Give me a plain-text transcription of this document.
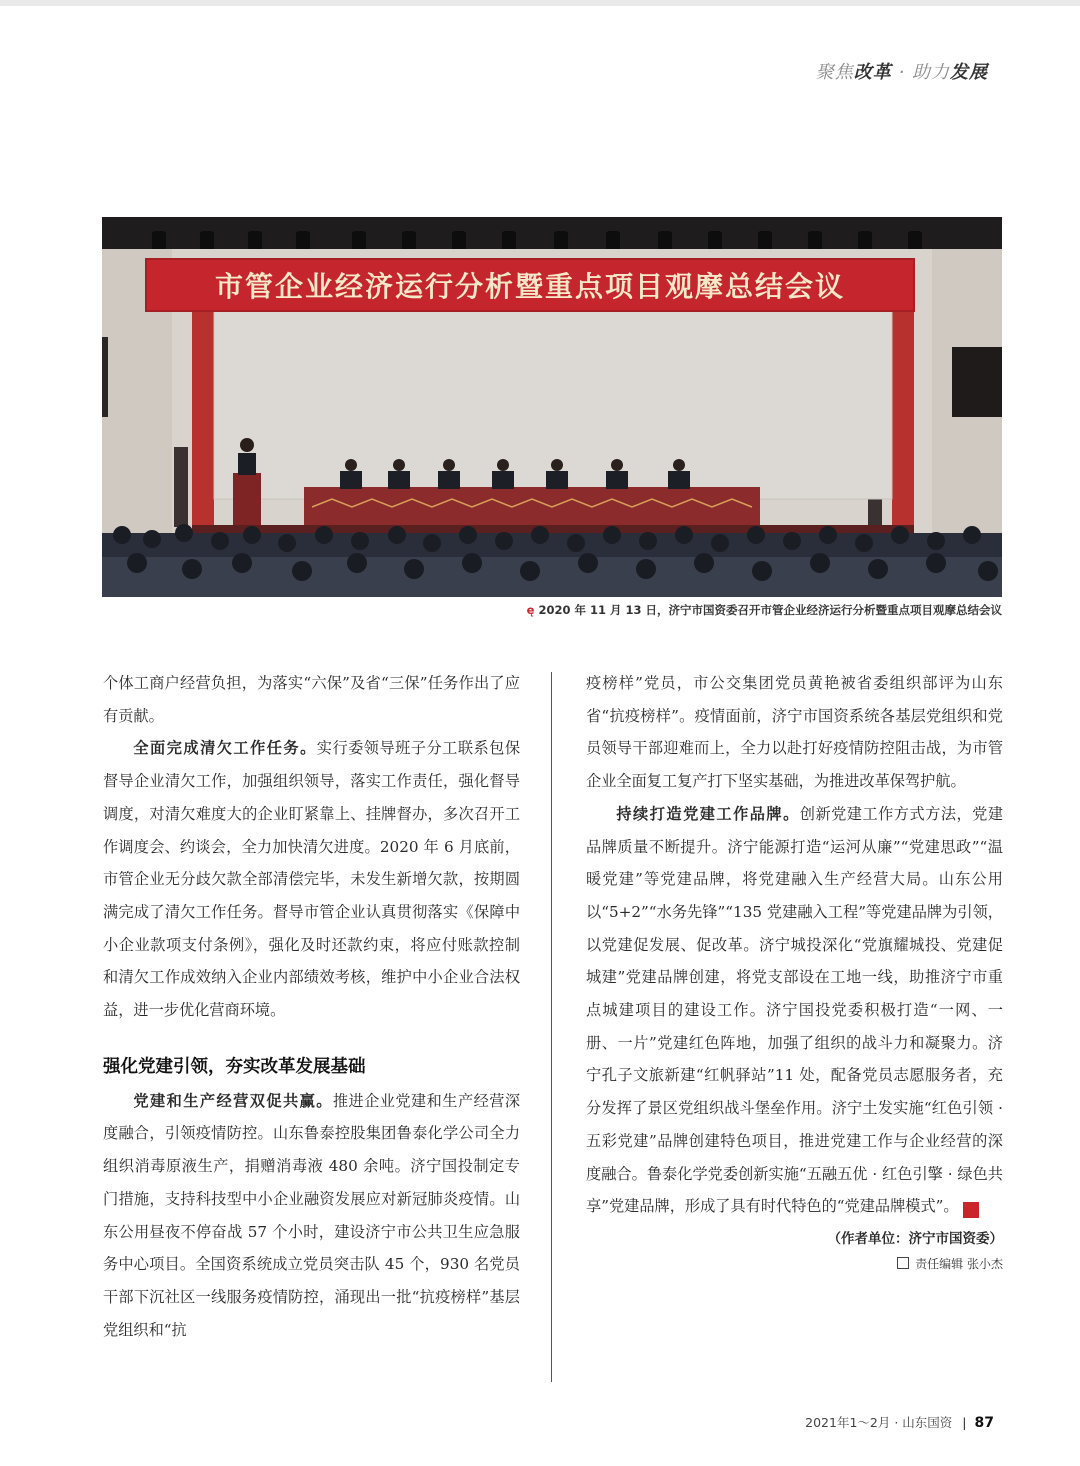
聚焦改革 · 助力发展
市管企业经济运行分析暨重点项目观摩总结会议
ę 2020 年 11 月 13 日，济宁市国资委召开市管企业经济运行分析暨重点项目观摩总结会议

个体工商户经营负担，为落实“六保”及省“三保”任务作出了应有贡献。

全面完成清欠工作任务。实行委领导班子分工联系包保督导企业清欠工作，加强组织领导，落实工作责任，强化督导调度，对清欠难度大的企业盯紧靠上、挂牌督办，多次召开工作调度会、约谈会，全力加快清欠进度。2020 年 6 月底前，市管企业无分歧欠款全部清偿完毕，未发生新增欠款，按期圆满完成了清欠工作任务。督导市管企业认真贯彻落实《保障中小企业款项支付条例》，强化及时还款约束，将应付账款控制和清欠工作成效纳入企业内部绩效考核，维护中小企业合法权益，进一步优化营商环境。

强化党建引领，夯实改革发展基础

党建和生产经营双促共赢。推进企业党建和生产经营深度融合，引领疫情防控。山东鲁泰控股集团鲁泰化学公司全力组织消毒原液生产，捐赠消毒液 480 余吨。济宁国投制定专门措施，支持科技型中小企业融资发展应对新冠肺炎疫情。山东公用昼夜不停奋战 57 个小时，建设济宁市公共卫生应急服务中心项目。全国资系统成立党员突击队 45 个，930 名党员干部下沉社区一线服务疫情防控，涌现出一批“抗疫榜样”基层党组织和“抗

疫榜样”党员，市公交集团党员黄艳被省委组织部评为山东省“抗疫榜样”。疫情面前，济宁市国资系统各基层党组织和党员领导干部迎难而上，全力以赴打好疫情防控阻击战，为市管企业全面复工复产打下坚实基础，为推进改革保驾护航。

持续打造党建工作品牌。创新党建工作方式方法，党建品牌质量不断提升。济宁能源打造“运河从廉”“党建思政”“温暖党建”等党建品牌，将党建融入生产经营大局。山东公用以“5+2”“水务先锋”“135 党建融入工程”等党建品牌为引领，以党建促发展、促改革。济宁城投深化“党旗耀城投、党建促城建”党建品牌创建，将党支部设在工地一线，助推济宁市重点城建项目的建设工作。济宁国投党委积极打造“一网、一册、一片”党建红色阵地，加强了组织的战斗力和凝聚力。济宁孔子文旅新建“红帆驿站”11 处，配备党员志愿服务者，充分发挥了景区党组织战斗堡垒作用。济宁土发实施“红色引领 · 五彩党建”品牌创建特色项目，推进党建工作与企业经营的深度融合。鲁泰化学党委创新实施“五融五优 · 红色引擎 · 绿色共享”党建品牌，形成了具有时代特色的“党建品牌模式”。	ę

（作者单位：济宁市国资委）

责任编辑 张小杰

2021年1～2月 · 山东国资 | 87
